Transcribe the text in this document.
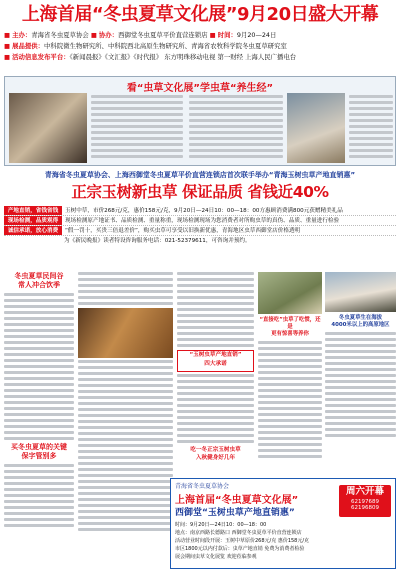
上海首届“冬虫夏草文化展”9月20日盛大开幕
■ 主办：青海省冬虫夏草协会 ■ 协办：西御堂冬虫夏草平价直营连锁店 ■ 时间：9月20—24日
■ 展品提供：中科院微生物研究所、中科院西北高原生物研究所、青海省农牧科学院冬虫夏草研究室
■ 活动信息发布平台：《新闻晨报》《文汇报》《时代报》 东方明珠移动电视 第一财经 上海人民广播电台
看“虫草文化展”学虫草“养生经”
青海省冬虫夏草协会、上海西御堂冬虫夏草平价直营连锁店首次联手举办“青海玉树虫草产地直销惠”
正宗玉树新虫草 保证品质 省钱近40%
产地直销，省钱省钱	玉树中草，市价268元/克，惠价158元/克，9月20日—24日10：00—18：00方惠顾消费满800元获赠精美礼品
现场检测，品质观得	现场检测原产地证书、品质检测、重量称重，现场检测现场为您消费者对所购虫草的真伪、品质、重量进行检验
诚信承诺，放心消费	“假一罚十，买贵三倍退差价”，购买虫草可享受以旧换新优惠，青海地区虫草西御堂店价格透明
为《新民晚报》读者特设咨询服务电话：021-52379611，可咨询并预约。
冬虫夏草民间谷
常人冲合饮季
买冬虫夏草的关键
保字管别多
“玉树虫草产地直销”
四大承诺
吃一冬正宗玉树虫草
入秋健身好几年
“直接吃”虫草了吃惯，还是
更有惊喜等养你
冬虫夏草生在海拔
4000米以上的高原地区
青海省冬虫夏草协会
上海首届“冬虫夏草文化展”
西御堂“玉树虫草产地直销惠”
周六开幕
62197689
62196809
时间：9月20日—24日10：00—18：00
地点：南京西路长德路口 西御堂冬虫夏草平价直营连锁店
活动营业时间段开展：玉树中草原价268元/克 惠价158元/克
市区1800元以内付款后：虫草产地直销 免费为消费者检验
展会期间虫草文化展览 欢迎莅临参观
